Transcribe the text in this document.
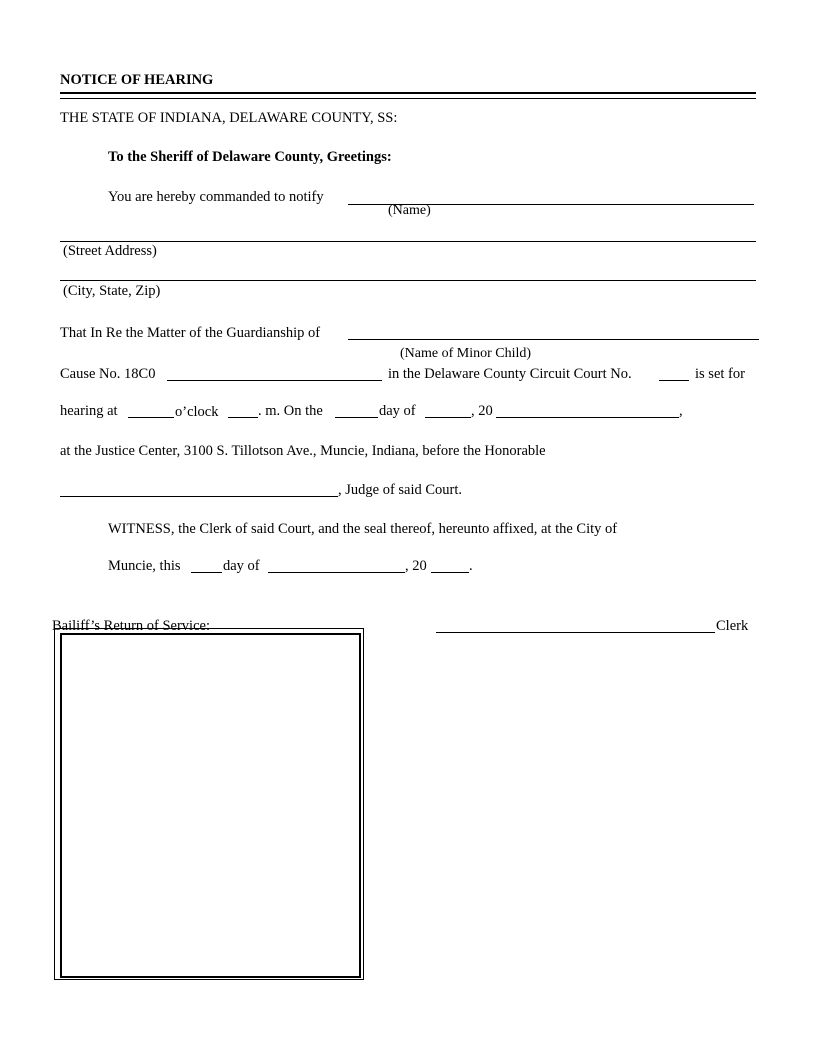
NOTICE OF HEARING
THE STATE OF INDIANA, DELAWARE COUNTY, SS:
To the Sheriff of Delaware County, Greetings:
You are hereby commanded to notify
(Name)
(Street Address)
(City, State, Zip)
That In Re the Matter of the Guardianship of
(Name of Minor Child)
Cause No. 18C0	in the Delaware County Circuit Court No.	is set for
hearing at	o’clock	. m. On the	day of	, 20	,
at the Justice Center, 3100 S. Tillotson Ave., Muncie, Indiana, before the Honorable
, Judge of said Court.
WITNESS, the Clerk of said Court, and the seal thereof, hereunto affixed, at the City of
Muncie, this	day of	, 20	.
Bailiff’s Return of Service:	Clerk
